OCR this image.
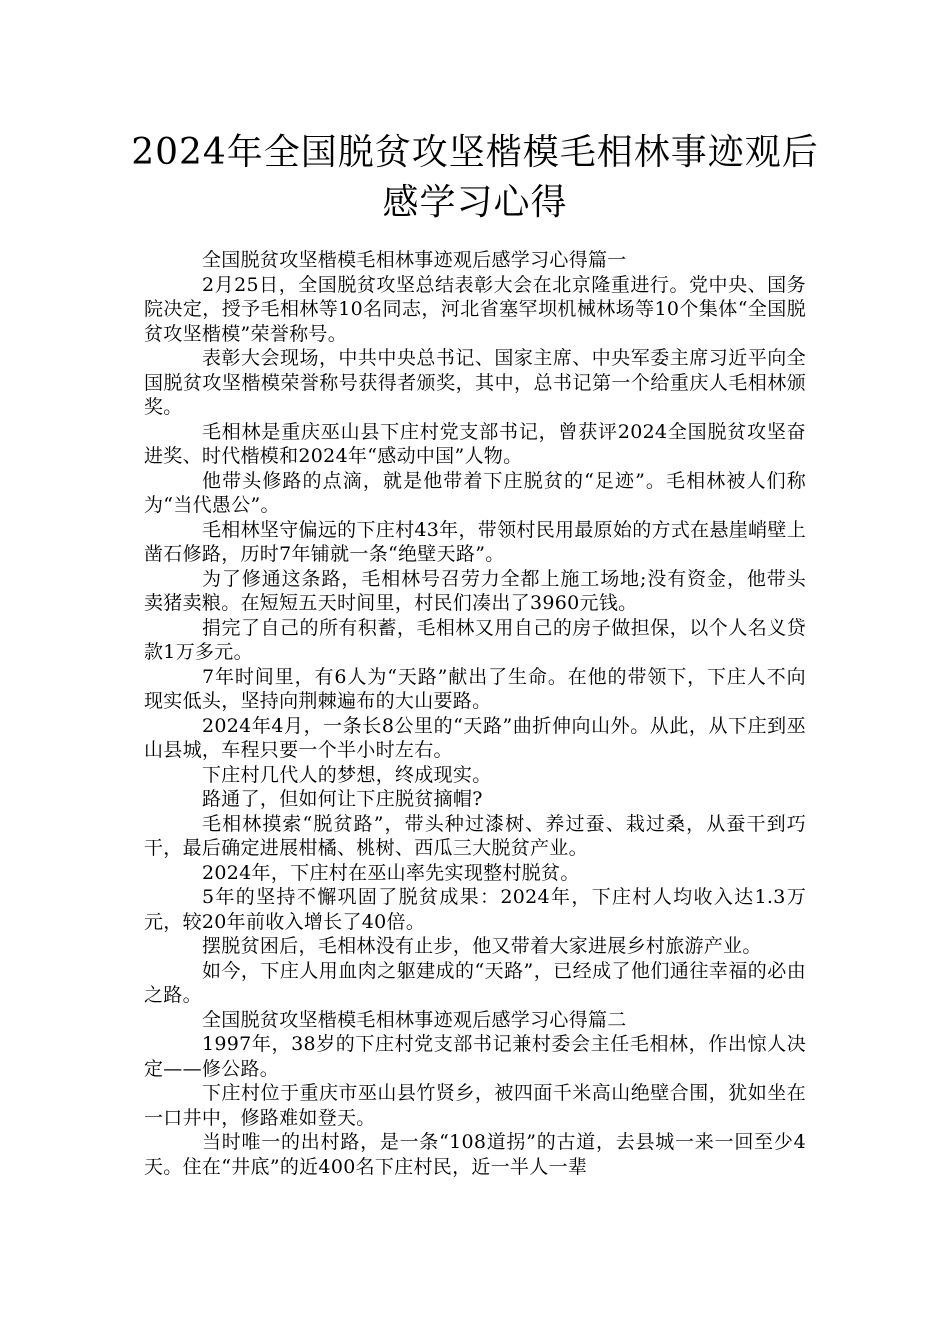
2024年全国脱贫攻坚楷模毛相林事迹观后
感学习心得

全国脱贫攻坚楷模毛相林事迹观后感学习心得篇一

2月25日，全国脱贫攻坚总结表彰大会在北京隆重进行。党中央、国务院决定，授予毛相林等10名同志，河北省塞罕坝机械林场等10个集体“全国脱贫攻坚楷模”荣誉称号。

表彰大会现场，中共中央总书记、国家主席、中央军委主席习近平向全国脱贫攻坚楷模荣誉称号获得者颁奖，其中，总书记第一个给重庆人毛相林颁奖。

毛相林是重庆巫山县下庄村党支部书记，曾获评2024全国脱贫攻坚奋进奖、时代楷模和2024年“感动中国”人物。

他带头修路的点滴，就是他带着下庄脱贫的“足迹”。毛相林被人们称为“当代愚公”。

毛相林坚守偏远的下庄村43年，带领村民用最原始的方式在悬崖峭壁上凿石修路，历时7年铺就一条“绝壁天路”。

为了修通这条路，毛相林号召劳力全都上施工场地;没有资金，他带头卖猪卖粮。在短短五天时间里，村民们凑出了3960元钱。

捐完了自己的所有积蓄，毛相林又用自己的房子做担保，以个人名义贷款1万多元。

7年时间里，有6人为“天路”献出了生命。在他的带领下，下庄人不向现实低头，坚持向荆棘遍布的大山要路。

2024年4月，一条长8公里的“天路”曲折伸向山外。从此，从下庄到巫山县城，车程只要一个半小时左右。

下庄村几代人的梦想，终成现实。

路通了，但如何让下庄脱贫摘帽?

毛相林摸索“脱贫路”，带头种过漆树、养过蚕、栽过桑，从蚕干到巧干，最后确定进展柑橘、桃树、西瓜三大脱贫产业。

2024年，下庄村在巫山率先实现整村脱贫。

5年的坚持不懈巩固了脱贫成果：2024年，下庄村人均收入达1.3万元，较20年前收入增长了40倍。

摆脱贫困后，毛相林没有止步，他又带着大家进展乡村旅游产业。

如今，下庄人用血肉之躯建成的“天路”，已经成了他们通往幸福的必由之路。

全国脱贫攻坚楷模毛相林事迹观后感学习心得篇二

1997年，38岁的下庄村党支部书记兼村委会主任毛相林，作出惊人决定——修公路。

下庄村位于重庆市巫山县竹贤乡，被四面千米高山绝壁合围，犹如坐在一口井中，修路难如登天。

当时唯一的出村路，是一条“108道拐”的古道，去县城一来一回至少4天。住在“井底”的近400名下庄村民，近一半人一辈
